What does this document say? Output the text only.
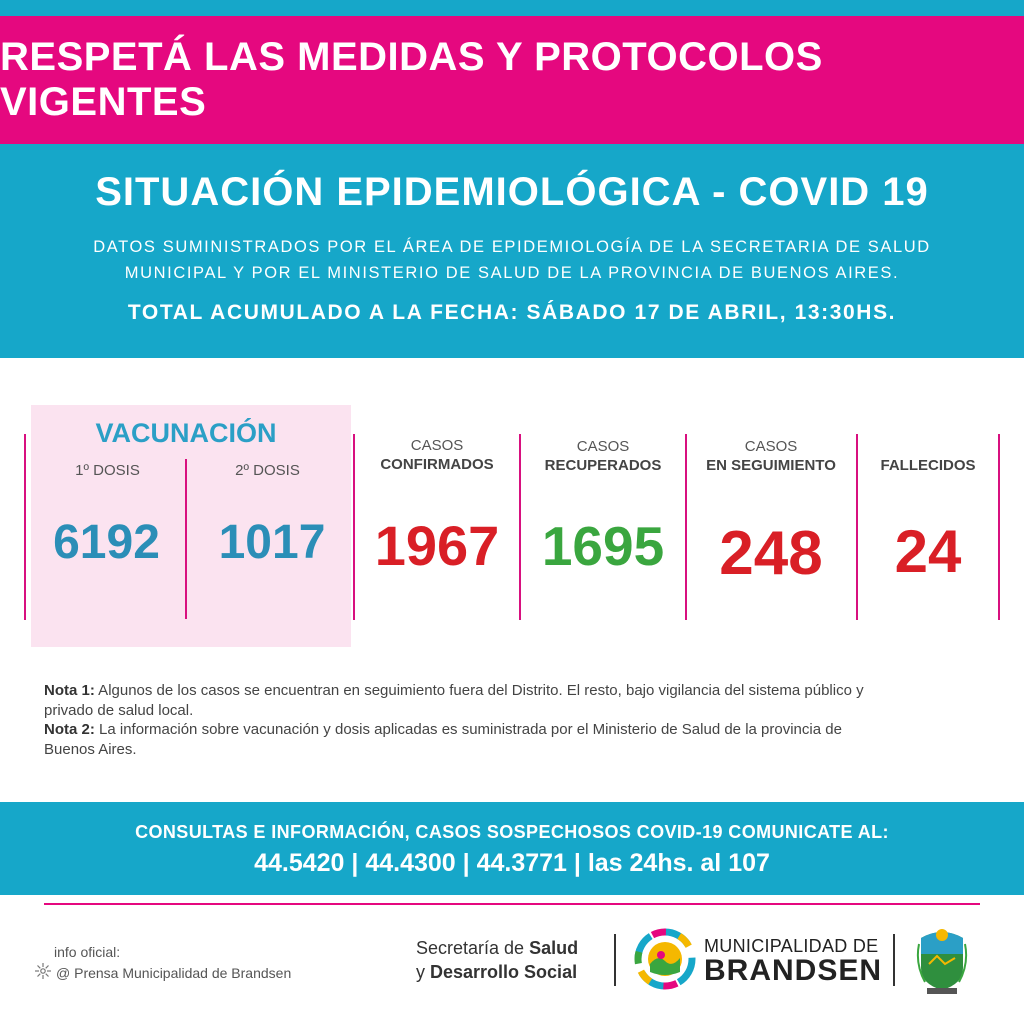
RESPETÁ LAS MEDIDAS Y PROTOCOLOS VIGENTES
SITUACIÓN EPIDEMIOLÓGICA - COVID 19
DATOS SUMINISTRADOS POR EL ÁREA DE EPIDEMIOLOGÍA DE LA SECRETARIA DE SALUD
MUNICIPAL Y POR EL MINISTERIO DE SALUD DE LA PROVINCIA DE BUENOS AIRES.
TOTAL ACUMULADO A LA FECHA: SÁBADO 17 DE ABRIL, 13:30HS.
VACUNACIÓN
1º DOSIS	2º DOSIS
6192	1017
CASOS
CONFIRMADOS
1967
CASOS
RECUPERADOS
1695
CASOS
EN SEGUIMIENTO
248
FALLECIDOS
24
Nota 1: Algunos de los casos se encuentran en seguimiento fuera del Distrito. El resto, bajo vigilancia del sistema público y privado de salud local.
Nota 2: La información sobre vacunación y dosis aplicadas es suministrada por el Ministerio de Salud de la provincia de Buenos Aires.
CONSULTAS E INFORMACIÓN, CASOS SOSPECHOSOS COVID-19 COMUNICATE AL:
44.5420 | 44.4300 | 44.3771 | las 24hs. al 107
info oficial:
@ Prensa Municipalidad de Brandsen
Secretaría de Salud
y Desarrollo Social
MUNICIPALIDAD DE
BRANDSEN
